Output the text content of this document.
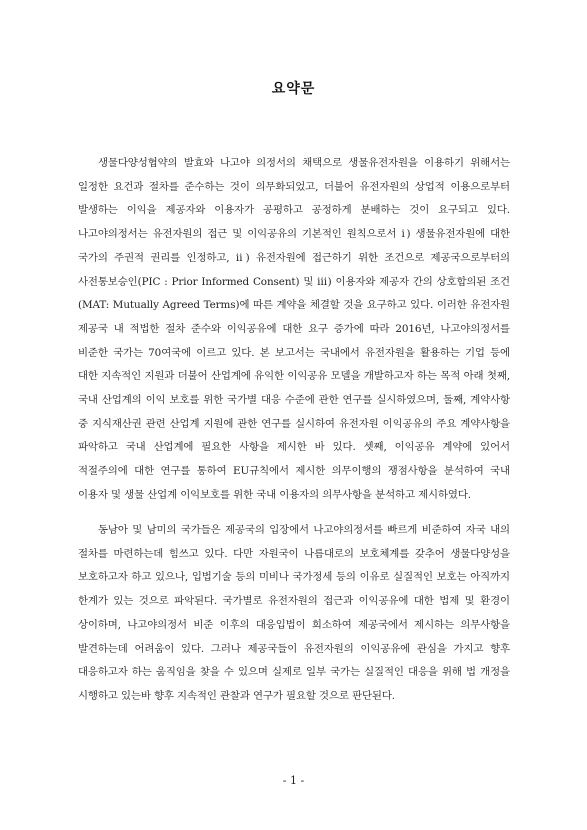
요약문

생물다양성협약의 발효와 나고야 의정서의 채택으로 생물유전자원을 이용하기 위해서는 일정한 요건과 절차를 준수하는 것이 의무화되었고, 더불어 유전자원의 상업적 이용으로부터 발생하는 이익을 제공자와 이용자가 공평하고 공정하게 분배하는 것이 요구되고 있다. 나고야의정서는 유전자원의 접근 및 이익공유의 기본적인 원칙으로서 ⅰ) 생물유전자원에 대한 국가의 주권적 권리를 인정하고, ⅱ) 유전자원에 접근하기 위한 조건으로 제공국으로부터의 사전통보승인(PIC : Prior Informed Consent) 및 ⅲ) 이용자와 제공자 간의 상호합의된 조건(MAT: Mutually Agreed Terms)에 따른 계약을 체결할 것을 요구하고 있다. 이러한 유전자원 제공국 내 적법한 절차 준수와 이익공유에 대한 요구 증가에 따라 2016년, 나고야의정서를 비준한 국가는 70여국에 이르고 있다. 본 보고서는 국내에서 유전자원을 활용하는 기업 등에 대한 지속적인 지원과 더불어 산업계에 유익한 이익공유 모델을 개발하고자 하는 목적 아래 첫째, 국내 산업계의 이익 보호를 위한 국가별 대응 수준에 관한 연구를 실시하였으며, 둘째, 계약사항 중 지식재산권 관련 산업계 지원에 관한 연구를 실시하여 유전자원 이익공유의 주요 계약사항을 파악하고 국내 산업계에 필요한 사항을 제시한 바 있다. 셋째, 이익공유 계약에 있어서 적절주의에 대한 연구를 통하여 EU규칙에서 제시한 의무이행의 쟁점사항을 분석하여 국내 이용자 및 생물 산업계 이익보호를 위한 국내 이용자의 의무사항을 분석하고 제시하였다.

동남아 및 남미의 국가들은 제공국의 입장에서 나고야의정서를 빠르게 비준하여 자국 내의 절차를 마련하는데 힘쓰고 있다. 다만 자원국이 나름대로의 보호체계를 갖추어 생물다양성을 보호하고자 하고 있으나, 입법기술 등의 미비나 국가정세 등의 이유로 실질적인 보호는 아직까지 한계가 있는 것으로 파악된다. 국가별로 유전자원의 접근과 이익공유에 대한 법제 및 환경이 상이하며, 나고야의정서 비준 이후의 대응입법이 희소하여 제공국에서 제시하는 의무사항을 발견하는데 어려움이 있다. 그러나 제공국들이 유전자원의 이익공유에 관심을 가지고 향후 대응하고자 하는 움직임을 찾을 수 있으며 실제로 일부 국가는 실질적인 대응을 위해 법 개정을 시행하고 있는바 향후 지속적인 관찰과 연구가 필요할 것으로 판단된다.

- 1 -
